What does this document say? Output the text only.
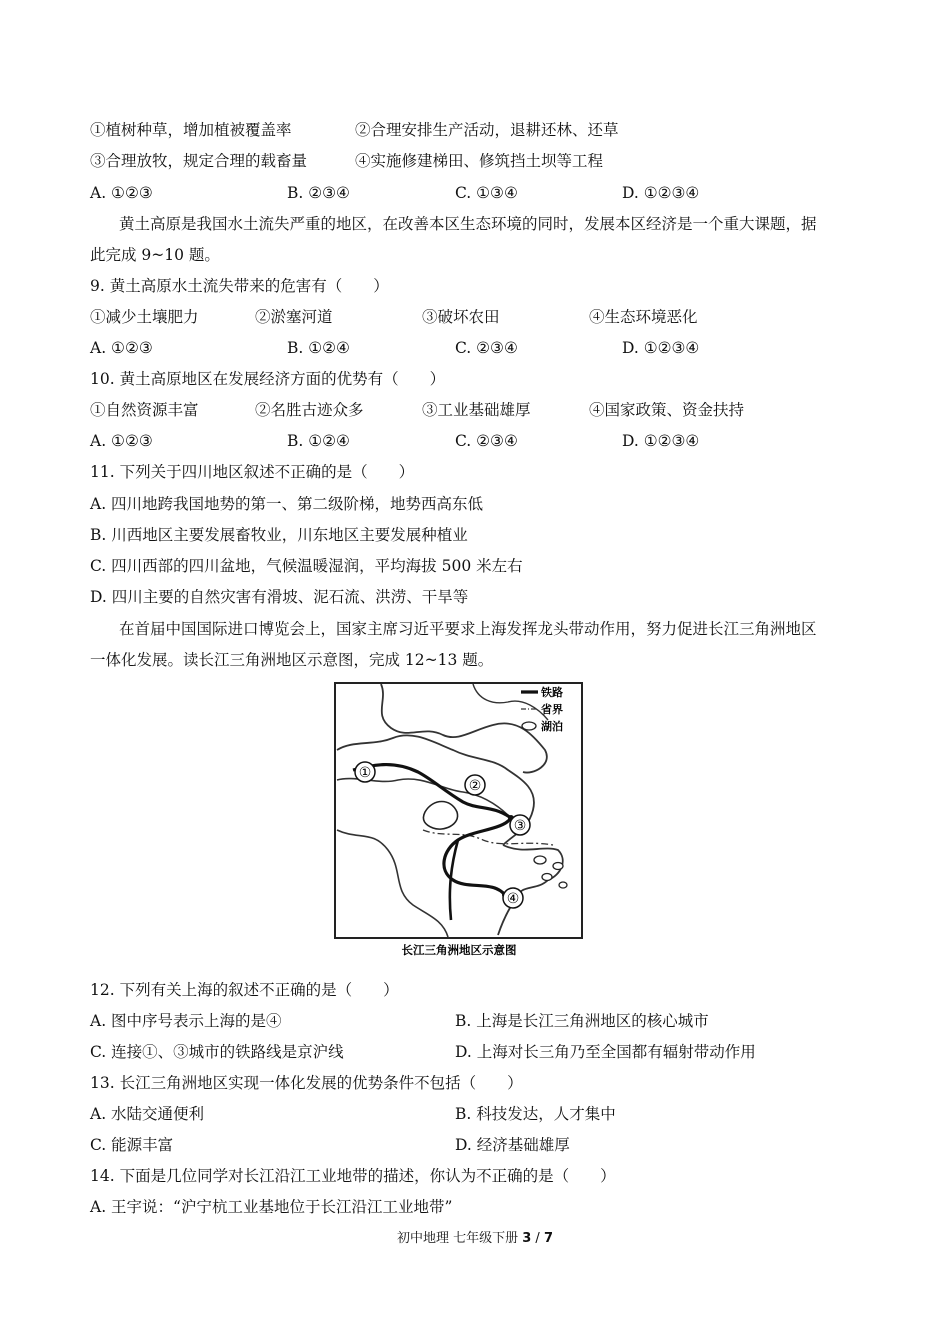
①植树种草，增加植被覆盖率	②合理安排生产活动，退耕还林、还草
③合理放牧，规定合理的载畜量	④实施修建梯田、修筑挡土坝等工程
A. ①②③	B. ②③④	C. ①③④	D. ①②③④
黄土高原是我国水土流失严重的地区，在改善本区生态环境的同时，发展本区经济是一个重大课题，据
此完成 9~10 题。
9. 黄土高原水土流失带来的危害有（　　）
①减少土壤肥力	②淤塞河道	③破坏农田	④生态环境恶化
A. ①②③	B. ①②④	C. ②③④	D. ①②③④
10. 黄土高原地区在发展经济方面的优势有（　　）
①自然资源丰富	②名胜古迹众多	③工业基础雄厚	④国家政策、资金扶持
A. ①②③	B. ①②④	C. ②③④	D. ①②③④
11. 下列关于四川地区叙述不正确的是（　　）
A. 四川地跨我国地势的第一、第二级阶梯，地势西高东低
B. 川西地区主要发展畜牧业，川东地区主要发展种植业
C. 四川西部的四川盆地，气候温暖湿润，平均海拔 500 米左右
D. 四川主要的自然灾害有滑坡、泥石流、洪涝、干旱等
在首届中国国际进口博览会上，国家主席习近平要求上海发挥龙头带动作用，努力促进长江三角洲地区
一体化发展。读长江三角洲地区示意图，完成 12~13 题。
①
②
③
④
铁路
省界
湖泊
长江三角洲地区示意图
12. 下列有关上海的叙述不正确的是（　　）
A. 图中序号表示上海的是④	B. 上海是长江三角洲地区的核心城市
C. 连接①、③城市的铁路线是京沪线	D. 上海对长三角乃至全国都有辐射带动作用
13. 长江三角洲地区实现一体化发展的优势条件不包括（　　）
A. 水陆交通便利	B. 科技发达，人才集中
C. 能源丰富	D. 经济基础雄厚
14. 下面是几位同学对长江沿江工业地带的描述，你认为不正确的是（　　）
A. 王宇说：“沪宁杭工业基地位于长江沿江工业地带”
初中地理 七年级下册 3 / 7
